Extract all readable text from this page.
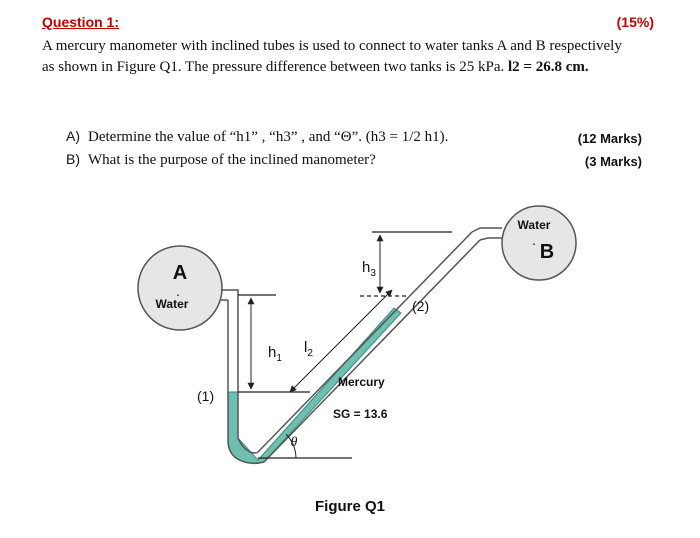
Question 1:	(15%)
A mercury manometer with inclined tubes is used to connect to water tanks A and B respectively
as shown in Figure Q1. The pressure difference between two tanks is 25 kPa. l2 = 26.8 cm.
A) Determine the value of “h1” , “h3” , and “Θ”. (h3 = 1/2 h1).	(12 Marks)
B) What is the purpose of the inclined manometer?	(3 Marks)
A
.
Water
Water
B
.
θ
$h_1$
$l_2$
$h_3$
(1)
(2)
Mercury
SG = 13.6
Figure Q1
